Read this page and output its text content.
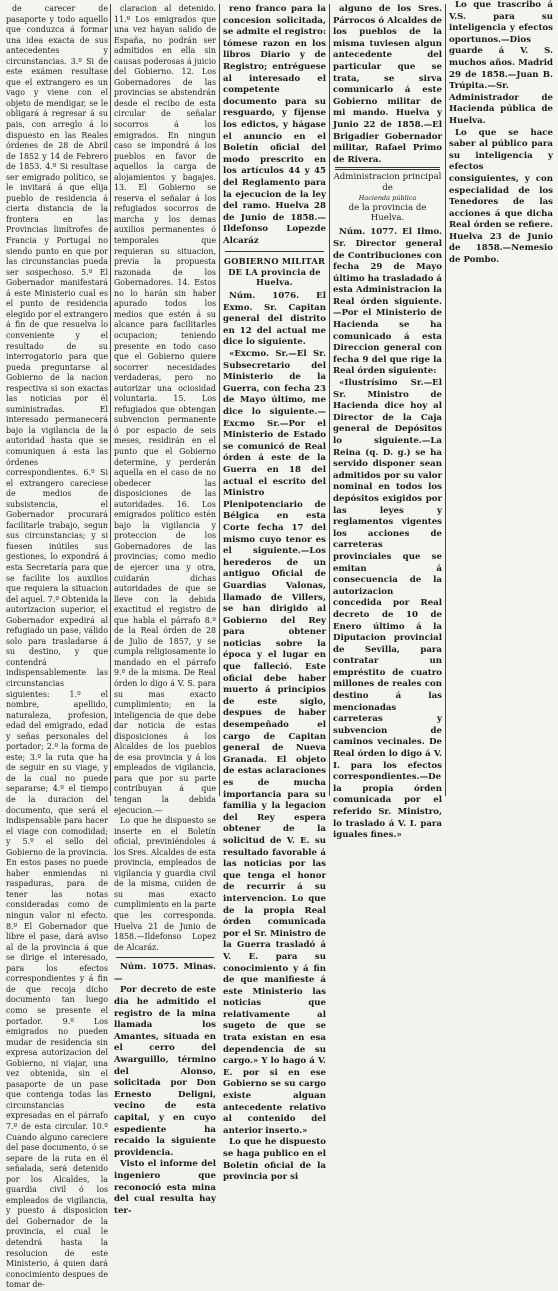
de carecer de pasaporte y todo aquello que conduzca á formar una idea exacta de sus antecedentes y circunstancias. 3.º Si de este exámen resultase que el extrangero es un vago y viene con el objeto de mendigar, se le obligará á regresar á su pais, con arreglo á lo dispuesto en las Reales órdenes de 28 de Abril de 1852 y 14 de Febrero de 1853. 4.º Si resultase ser emigrado político, se le invitará á que elija pueblo de residencia á cierta distancia de la frontera en las Provincias limítrofes de Francia y Portugal no siendo punto en que por las circunstancias pueda ser sospechoso. 5.º El Gobernador manifestará á este Ministerio cual es el punto de residencia elegido por el extrangero á fin de que resuelva lo conveniente y el resultado de su interrogatorio para que pueda preguntarse al Gobierno de la nacion respectiva si son exactas las noticias por él suministradas. El interesado permanecerá bajo la vigilancia de la autoridad hasta que se comuniquen á esta las órdenes correspondientes. 6.º Si el extrangero careciese de medios de subsistencia, el Gobernador procurará facilitarle trabajo, segun sus circunstancias; y si fuesen inútiles sus gestiones, lo expondrá á esta Secretaría para que se facilite los auxilios que requiera la situacion del aquel. 7.º Obtenida la autorizacion superior, el Gobernador expedirá al refugiado un pase, válido solo para trasladarse á su destino, y que contendrá indispensablemente las circunstancias siguientes: 1.º el nombre, apellido, naturaleza, profesion, edad del emigrado, edad y señas personales del portador; 2.º la forma de este; 3.º la ruta que ha de seguir en su viage, y de la cual no puede separarse; 4.º el tiempo de la duracion del documento, que será el indispensable para hacer el viage con comodidad; y 5.º el sello del Gobierno de la provincia. En estos pases no puede haber enmiendas ni raspaduras, para de tener las notas consideradas como de ningun valor ni efecto. 8.º El Gobernador que libre el pase, dará aviso al de la provincia á que se dirige el interesado, para los efectos correspondientes y á fin de que recoja dicho documento tan luego como se presente el portador. 9.º Los emigrados no pueden mudar de residencia sin expresa autorizacion del Gobierno, ni viajar, una vez obtenida, sin el pasaporte de un pase que contenga todas las circunstancias expresadas en el párrafo 7.º de esta circular. 10.º Cuando algunо careciere del pase documento, ó se separe de la ruta en él señalada, será detenido por los Alcaldes, la guardia civil ó los empleados de vigilancia, y puesto á disposicion del Gobernador de la provincia, el cual le detendrá hasta la resolucion de este Ministerio, á quien dará conocimiento despues de tomar de-

claracion al detenido. 11.º Los emigrados que una vez hayan salido de España, no podrán ser admitidos en ella sin causas poderosas á juicio del Gobierno. 12. Los Gobernadores de las provincias se abstendrán desde el recibo de esta circular de señalar socorros á los emigrados. En ningun caso se impondrá á los pueblos en favor de aquellos la carga de alojamientos y bagajes. 13. El Gobierno se reserva el señalar á los refugiados socorros de marcha y los demas auxilios permanentes ó temporales que requieran su situacion, previa la propuesta razonada de los Gobernadores. 14. Estos no lo harán sin haber apurado todos los medios que estén á su alcance para facilitarles ocupacion; teniendo presente en todo caso que el Gobierno quiere socorrer necesidades verdaderas, pero no autorizar una ociosidad voluntaria. 15. Los refugiados que obtengan subvencion permanente ó por espacio de seis meses, residirán en el punto que el Gobierno determine, y perderán aquella en el caso de no obedecer las disposiciones de las autoridades. 16. Los emigrados político estén bajo la vigilancia y proteccion de los Gobernadores de las provincias; como medio de ejercer una y otra, cuidarán dichas autoridades de que se lleve con la debida exactitud el registro de que habla el párrafo 8.º de la Real órden de 28 de Julio de 1857, y se cumpla religiosamente lo mandado en el párrafo 9.º de la misma. De Real órden lo digo á V. S. para su mas exacto cumplimiento; en la inteligencia de que debe dar noticia de estas disposiciones á los Alcaldes de los pueblos de esa provincia y á los empleados de vigilancia, para que por su parte contribuyan á que tengan la debida ejecucion.—

Lo que he dispuesto se inserte en el Boletín oficial, previniéndoles á los Sres. Alcaldes de esta provincia, empleados de vigilancia y guardia civil de la misma, cuiden de su mas exacto cumplimiento en la parte que les corresponda. Huelva 21 de Junio de 1858.—Ildefonso Lopez de Alcaráz.

Núm. 1075. Minas.—

Por decreto de este dia he admitido el registro de la mina llamada los Amantes, situada en el cerro del Awarguillo, término del Alonso, solicitada por Don Ernesto Deligni, vecino de esta capital, y en cuyo espediente ha recaido la siguiente providencia.

Visto el informe del ingeniero que reconoció esta mina del cual resulta hay ter-

reno franco para la concesion solicitada, se admite el registro: tómese razon en los libros Diario y de Registro; entréguese al interesado el competente documento para su resguardo, y fíjense los edictos, y hágase el anuncio en el Boletín oficial del modo prescrito en los artículos 44 y 45 del Reglamento para la ejecucion de la ley del ramo. Huelva 28 de Junio de 1858.—Ildefonso Lopezde Alcaráz

GOBIERNO MILITAR DE LA provincia de Huelva.

Núm. 1076. El Exmo. Sr. Capitan general del distrito en 12 del actual me dice lo siguiente.

«Excmo. Sr.—El Sr. Subsecretario del Ministerio de la Guerra, con fecha 23 de Mayo último, me dice lo siguiente.—Excmo Sr.—Por el Ministerio de Estado se comunicó de Real órden á este de la Guerra en 18 del actual el escrito del Ministro Plenipotenciario de Bélgica en esta Corte fecha 17 del mismo cuyo tenor es el siguiente.—Los herederos de un antiguo Oficial de Guardias Valonas, llamado de Villers, se han dirigido al Gobierno del Rey para obtener noticias sobre la época y el lugar en que falleció. Este oficial debe haber muerto á principios de este siglo, despues de haber desempeñado el cargo de Capitan general de Nueva Granada. El objeto de estas aclaraciones es de mucha importancia para su familia y la legacion del Rey espera obtener de la solicitud de V. E. su resultado favorable á las noticias por las que tenga el honor de recurrir á su intervencion. Lo que de la propia Real órden comunicada por el Sr. Ministro de la Guerra trasladó á V. E. para su conocimiento y á fin de que manifieste á este Ministerio las noticias que relativamente al sugeto de que se trata existan en esa dependencia de su cargo.» Y lo hago á V. E. por si en ese Gobierno se su cargo existe alguan antecedente relativo al contenido del anterior inserto.»

Lo que he dispuesto se haga publico en el Boletín oficial de la provincia por si

alguno de los Sres. Párrocos ó Alcaldes de los pueblos de la misma tuviesen algun antecedente del particular que se trata, se sirva comunicarlo á este Gobierno militar de mi mando. Huelva y Junio 22 de 1858.—El Brigadier Gobernador militar, Rafael Primo de Rivera.

Administracion principal de
Hacienda pública
de la provincia de Huelva.

Núm. 1077. El Ilmo. Sr. Director general de Contribuciones con fecha 29 de Mayo último ha trasladado á esta Administracion la Real órden siguiente.—Por el Ministerio de Hacienda se ha comunicado á esta Direccion general con fecha 9 del que rige la Real órden siguiente:

«Ilustrísimo Sr.—El Sr. Ministro de Hacienda dice hoy al Director de la Caja general de Depósitos lo siguiente.—La Reina (q. D. g.) se ha servido disponer sean admitidos por su valor nominal en todos los depósitos exigidos por las leyes y reglamentos vigentes los acciones de carreteras provinciales que se emitan á consecuencia de la autorizacion concedida por Real decreto de 10 de Enero último á la Diputacion provincial de Sevilla, para contratar un empréstito de cuatro millones de reales con destino á las mencionadas carreteras y subvencion de caminos vecinales. De Real órden lo digo á V. I. para los efectos correspondientes.—De la propia órden comunicada por el referido Sr. Ministro, lo traslado á V. I. para iguales fines.»

Lo que trascribo á V.S. para su inteligencia y efectos oportunos.—Dios guarde á V. S. muchos años. Madrid 29 de 1858.—Juan B. Trúpita.—Sr. Administrador de Hacienda pública de Huelva.

Lo que se hace saber al público para su inteligencia y efectos consiguientes, y con especialidad de los Tenedores de las acciones á que dicha Real órden se refiere. Huelva 23 de Junio de 1858.—Nemesio de Pombo.
